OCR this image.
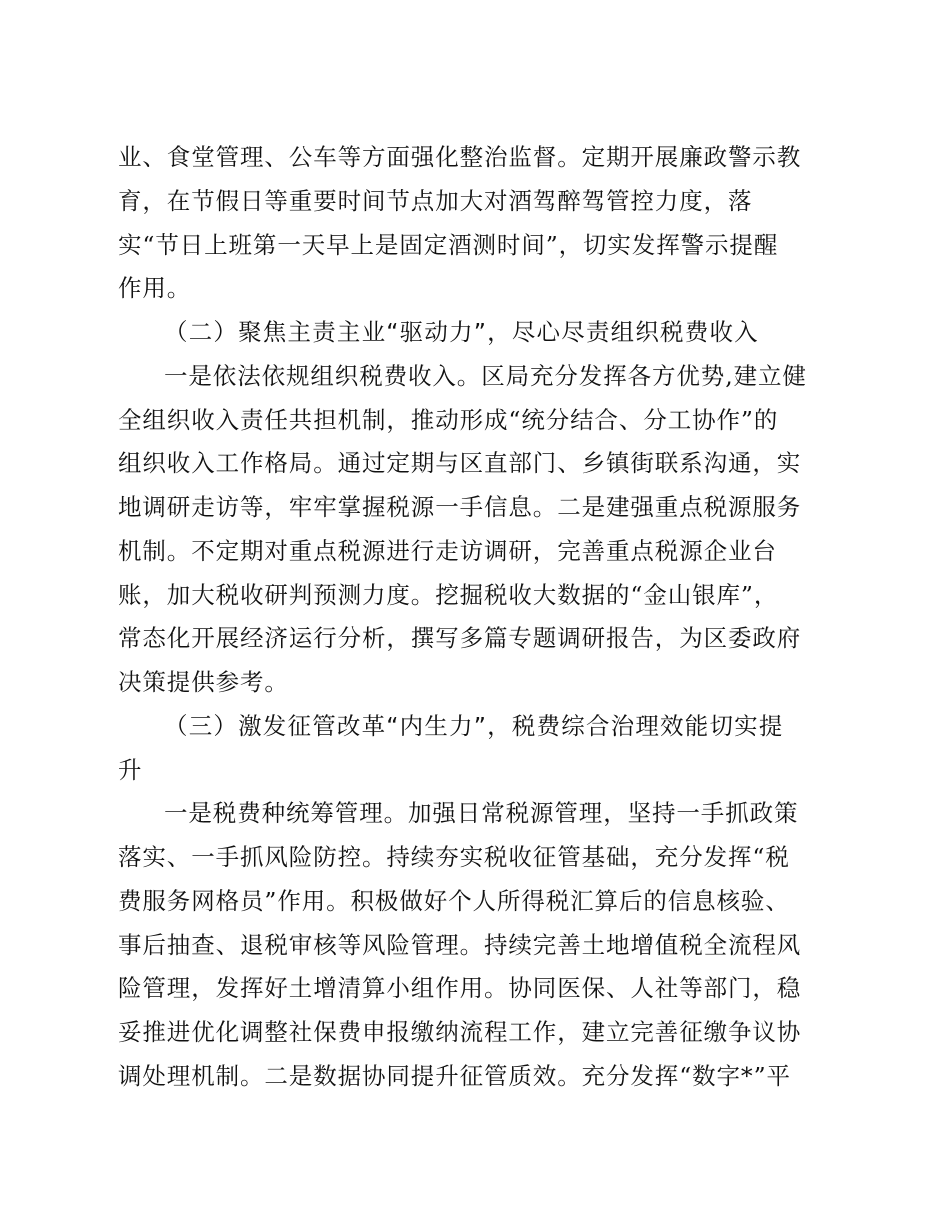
业、食堂管理、公车等方面强化整治监督。定期开展廉政警示教
育，在节假日等重要时间节点加大对酒驾醉驾管控力度，落
实“节日上班第一天早上是固定酒测时间”，切实发挥警示提醒
作用。
（二）聚焦主责主业“驱动力”，尽心尽责组织税费收入
一是依法依规组织税费收入。区局充分发挥各方优势,建立健
全组织收入责任共担机制，推动形成“统分结合、分工协作”的
组织收入工作格局。通过定期与区直部门、乡镇街联系沟通，实
地调研走访等，牢牢掌握税源一手信息。二是建强重点税源服务
机制。不定期对重点税源进行走访调研，完善重点税源企业台
账，加大税收研判预测力度。挖掘税收大数据的“金山银库”，
常态化开展经济运行分析，撰写多篇专题调研报告，为区委政府
决策提供参考。
（三）激发征管改革“内生力”，税费综合治理效能切实提
升
一是税费种统筹管理。加强日常税源管理，坚持一手抓政策
落实、一手抓风险防控。持续夯实税收征管基础，充分发挥“税
费服务网格员”作用。积极做好个人所得税汇算后的信息核验、
事后抽查、退税审核等风险管理。持续完善土地增值税全流程风
险管理，发挥好土增清算小组作用。协同医保、人社等部门，稳
妥推进优化调整社保费申报缴纳流程工作，建立完善征缴争议协
调处理机制。二是数据协同提升征管质效。充分发挥“数字*”平
